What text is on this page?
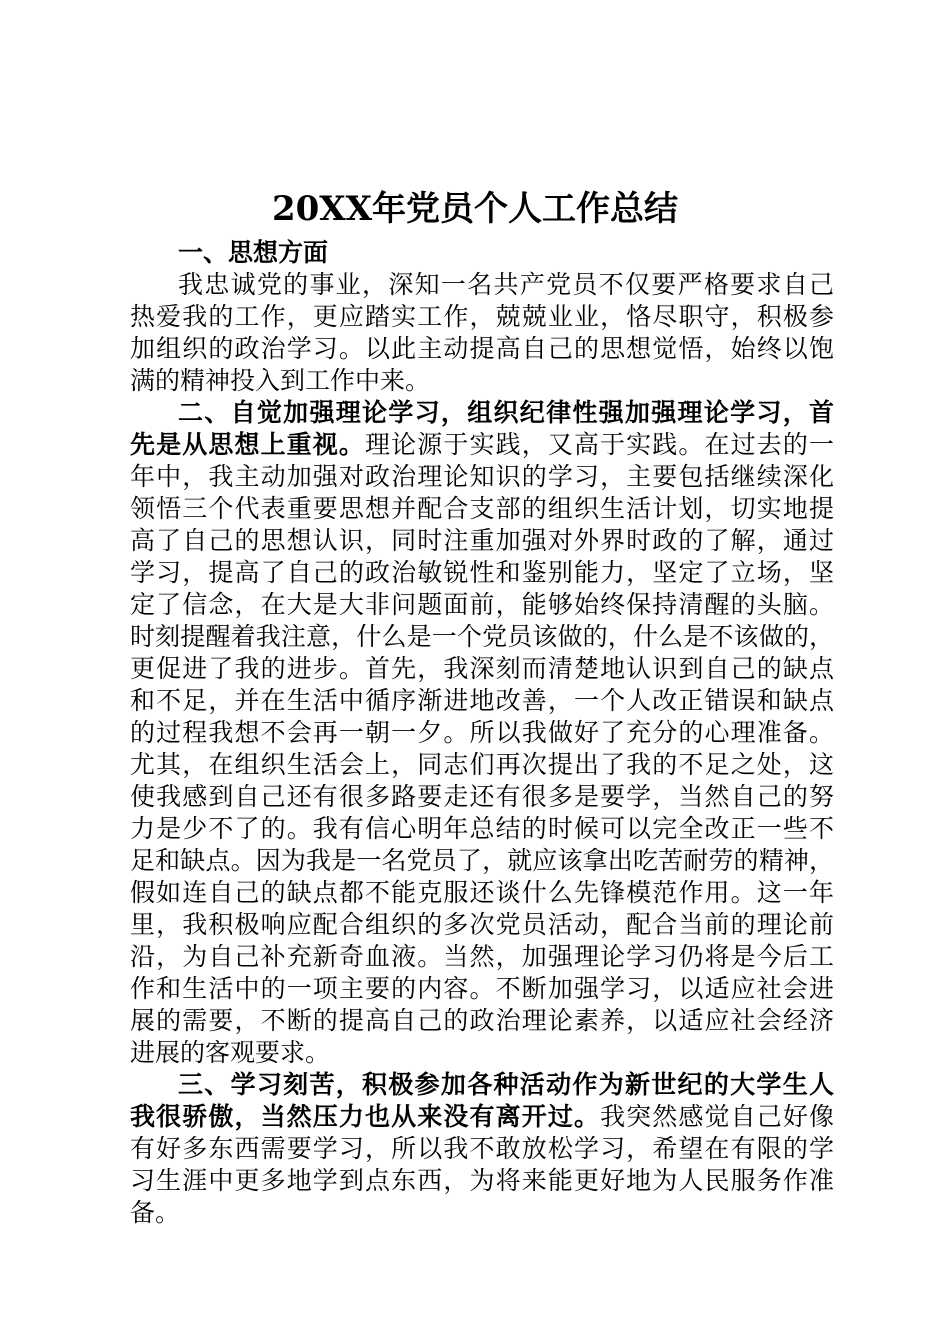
20XX年党员个人工作总结
一、思想方面
我忠诚党的事业，深知一名共产党员不仅要严格要求自己
热爱我的工作，更应踏实工作，兢兢业业，恪尽职守，积极参
加组织的政治学习。以此主动提高自己的思想觉悟，始终以饱
满的精神投入到工作中来。
二、自觉加强理论学习，组织纪律性强加强理论学习，首
先是从思想上重视。理论源于实践，又高于实践。在过去的一
年中，我主动加强对政治理论知识的学习，主要包括继续深化
领悟三个代表重要思想并配合支部的组织生活计划，切实地提
高了自己的思想认识，同时注重加强对外界时政的了解，通过
学习，提高了自己的政治敏锐性和鉴别能力，坚定了立场，坚
定了信念，在大是大非问题面前，能够始终保持清醒的头脑。
时刻提醒着我注意，什么是一个党员该做的，什么是不该做的，
更促进了我的进步。首先，我深刻而清楚地认识到自己的缺点
和不足，并在生活中循序渐进地改善，一个人改正错误和缺点
的过程我想不会再一朝一夕。所以我做好了充分的心理准备。
尤其，在组织生活会上，同志们再次提出了我的不足之处，这
使我感到自己还有很多路要走还有很多是要学，当然自己的努
力是少不了的。我有信心明年总结的时候可以完全改正一些不
足和缺点。因为我是一名党员了，就应该拿出吃苦耐劳的精神，
假如连自己的缺点都不能克服还谈什么先锋模范作用。这一年
里，我积极响应配合组织的多次党员活动，配合当前的理论前
沿，为自己补充新奇血液。当然，加强理论学习仍将是今后工
作和生活中的一项主要的内容。不断加强学习，以适应社会进
展的需要，不断的提高自己的政治理论素养，以适应社会经济
进展的客观要求。
三、学习刻苦，积极参加各种活动作为新世纪的大学生人
我很骄傲，当然压力也从来没有离开过。我突然感觉自己好像
有好多东西需要学习，所以我不敢放松学习，希望在有限的学
习生涯中更多地学到点东西，为将来能更好地为人民服务作准
备。
